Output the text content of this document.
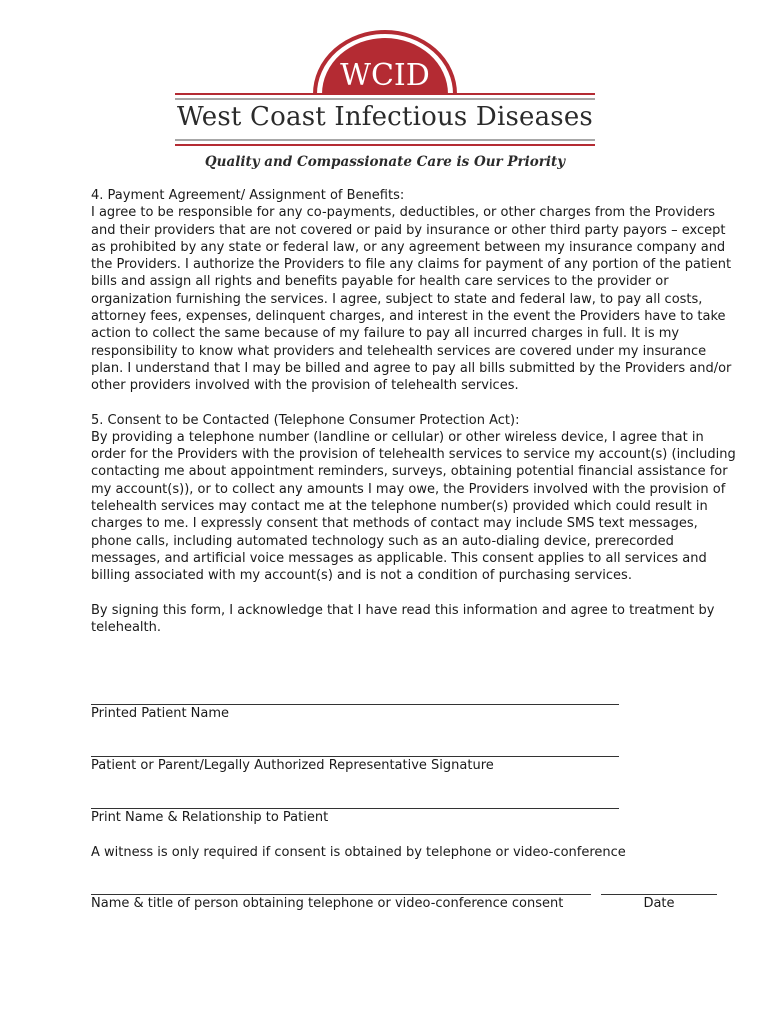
WCID
West Coast Infectious Diseases
Quality and Compassionate Care is Our Priority
4. Payment Agreement/ Assignment of Benefits:
I agree to be responsible for any co-payments, deductibles, or other charges from the Providers and their providers that are not covered or paid by insurance or other third party payors – except as prohibited by any state or federal law, or any agreement between my insurance company and the Providers. I authorize the Providers to file any claims for payment of any portion of the patient bills and assign all rights and benefits payable for health care services to the provider or organization furnishing the services. I agree, subject to state and federal law, to pay all costs, attorney fees, expenses, delinquent charges, and interest in the event the Providers have to take action to collect the same because of my failure to pay all incurred charges in full. It is my responsibility to know what providers and telehealth services are covered under my insurance plan. I understand that I may be billed and agree to pay all bills submitted by the Providers and/or other providers involved with the provision of telehealth services.
5. Consent to be Contacted (Telephone Consumer Protection Act):
By providing a telephone number (landline or cellular) or other wireless device, I agree that in order for the Providers with the provision of telehealth services to service my account(s) (including contacting me about appointment reminders, surveys, obtaining potential financial assistance for my account(s)), or to collect any amounts I may owe, the Providers involved with the provision of telehealth services may contact me at the telephone number(s) provided which could result in charges to me. I expressly consent that methods of contact may include SMS text messages, phone calls, including automated technology such as an auto-dialing device, prerecorded messages, and artificial voice messages as applicable. This consent applies to all services and billing associated with my account(s) and is not a condition of purchasing services.
By signing this form, I acknowledge that I have read this information and agree to treatment by telehealth.
Printed Patient Name
Patient or Parent/Legally Authorized Representative Signature
Print Name & Relationship to Patient
A witness is only required if consent is obtained by telephone or video-conference
Name & title of person obtaining telephone or video-conference consent	Date
